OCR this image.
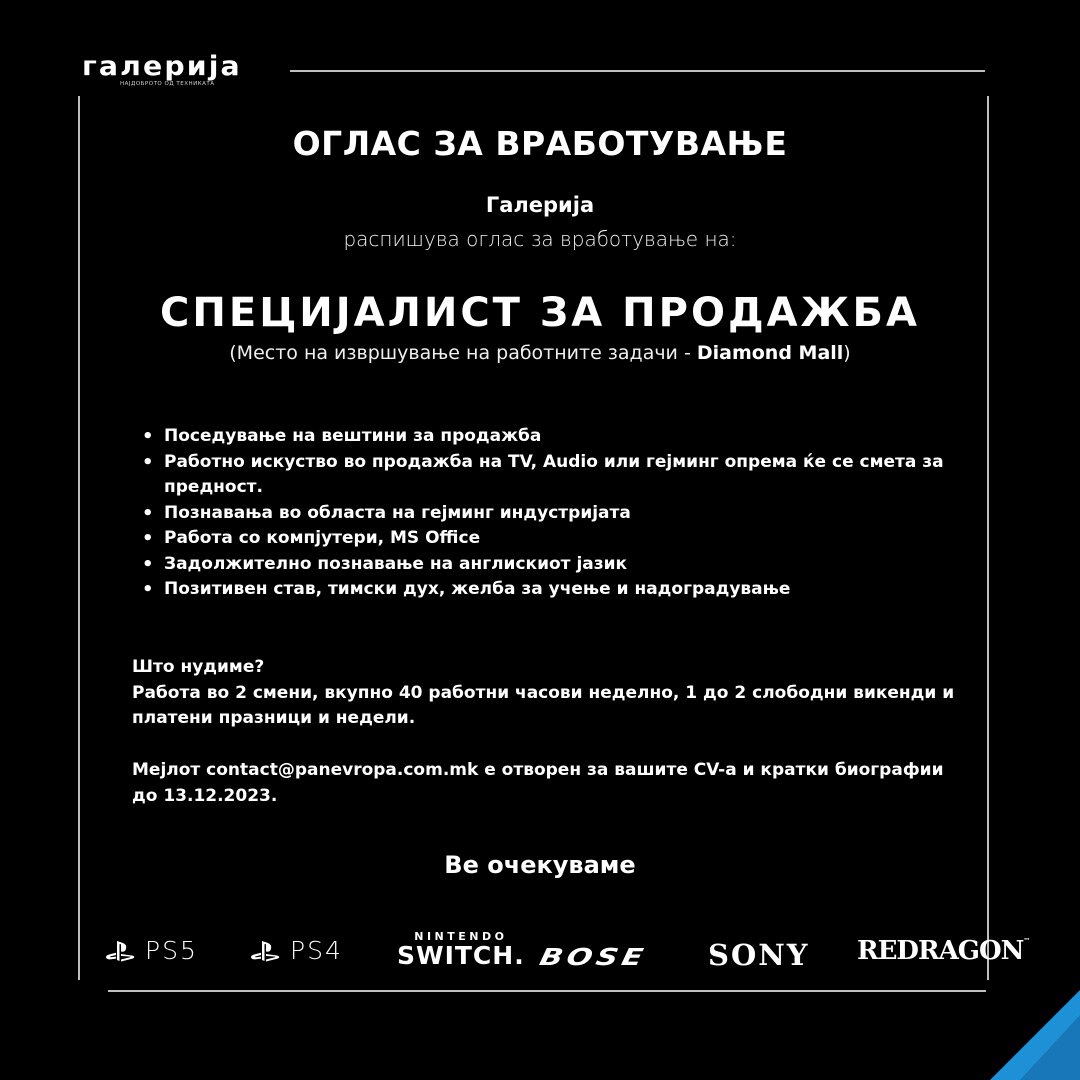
галерија
НАЈДОБРОТО ОД ТЕХНИКАТА
ОГЛАС ЗА ВРАБОТУВАЊЕ
Галерија
распишува оглас за вработување на:
СПЕЦИЈАЛИСТ ЗА ПРОДАЖБА
(Место на извршување на работните задачи - Diamond Mall)
• Поседување на вештини за продажба
• Работно искуство во продажба на TV, Audio или гејминг опрема ќе се смета за предност.
• Познавања во областа на гејминг индустријата
• Работа со компјутери, MS Office
• Задолжително познавање на англискиот јазик
• Позитивен став, тимски дух, желба за учење и надоградување
Што нудиме?
Работа во 2 смени, вкупно 40 работни часови неделно, 1 до 2 слободни викенди и платени празници и недели.
Мејлот contact@panevropa.com.mk е отворен за вашите CV-а и кратки биографии до 13.12.2023.
Ве очекуваме
PS5	PS4	NINTENDO
SWITCH. BOSE SONY REDRAGON™
